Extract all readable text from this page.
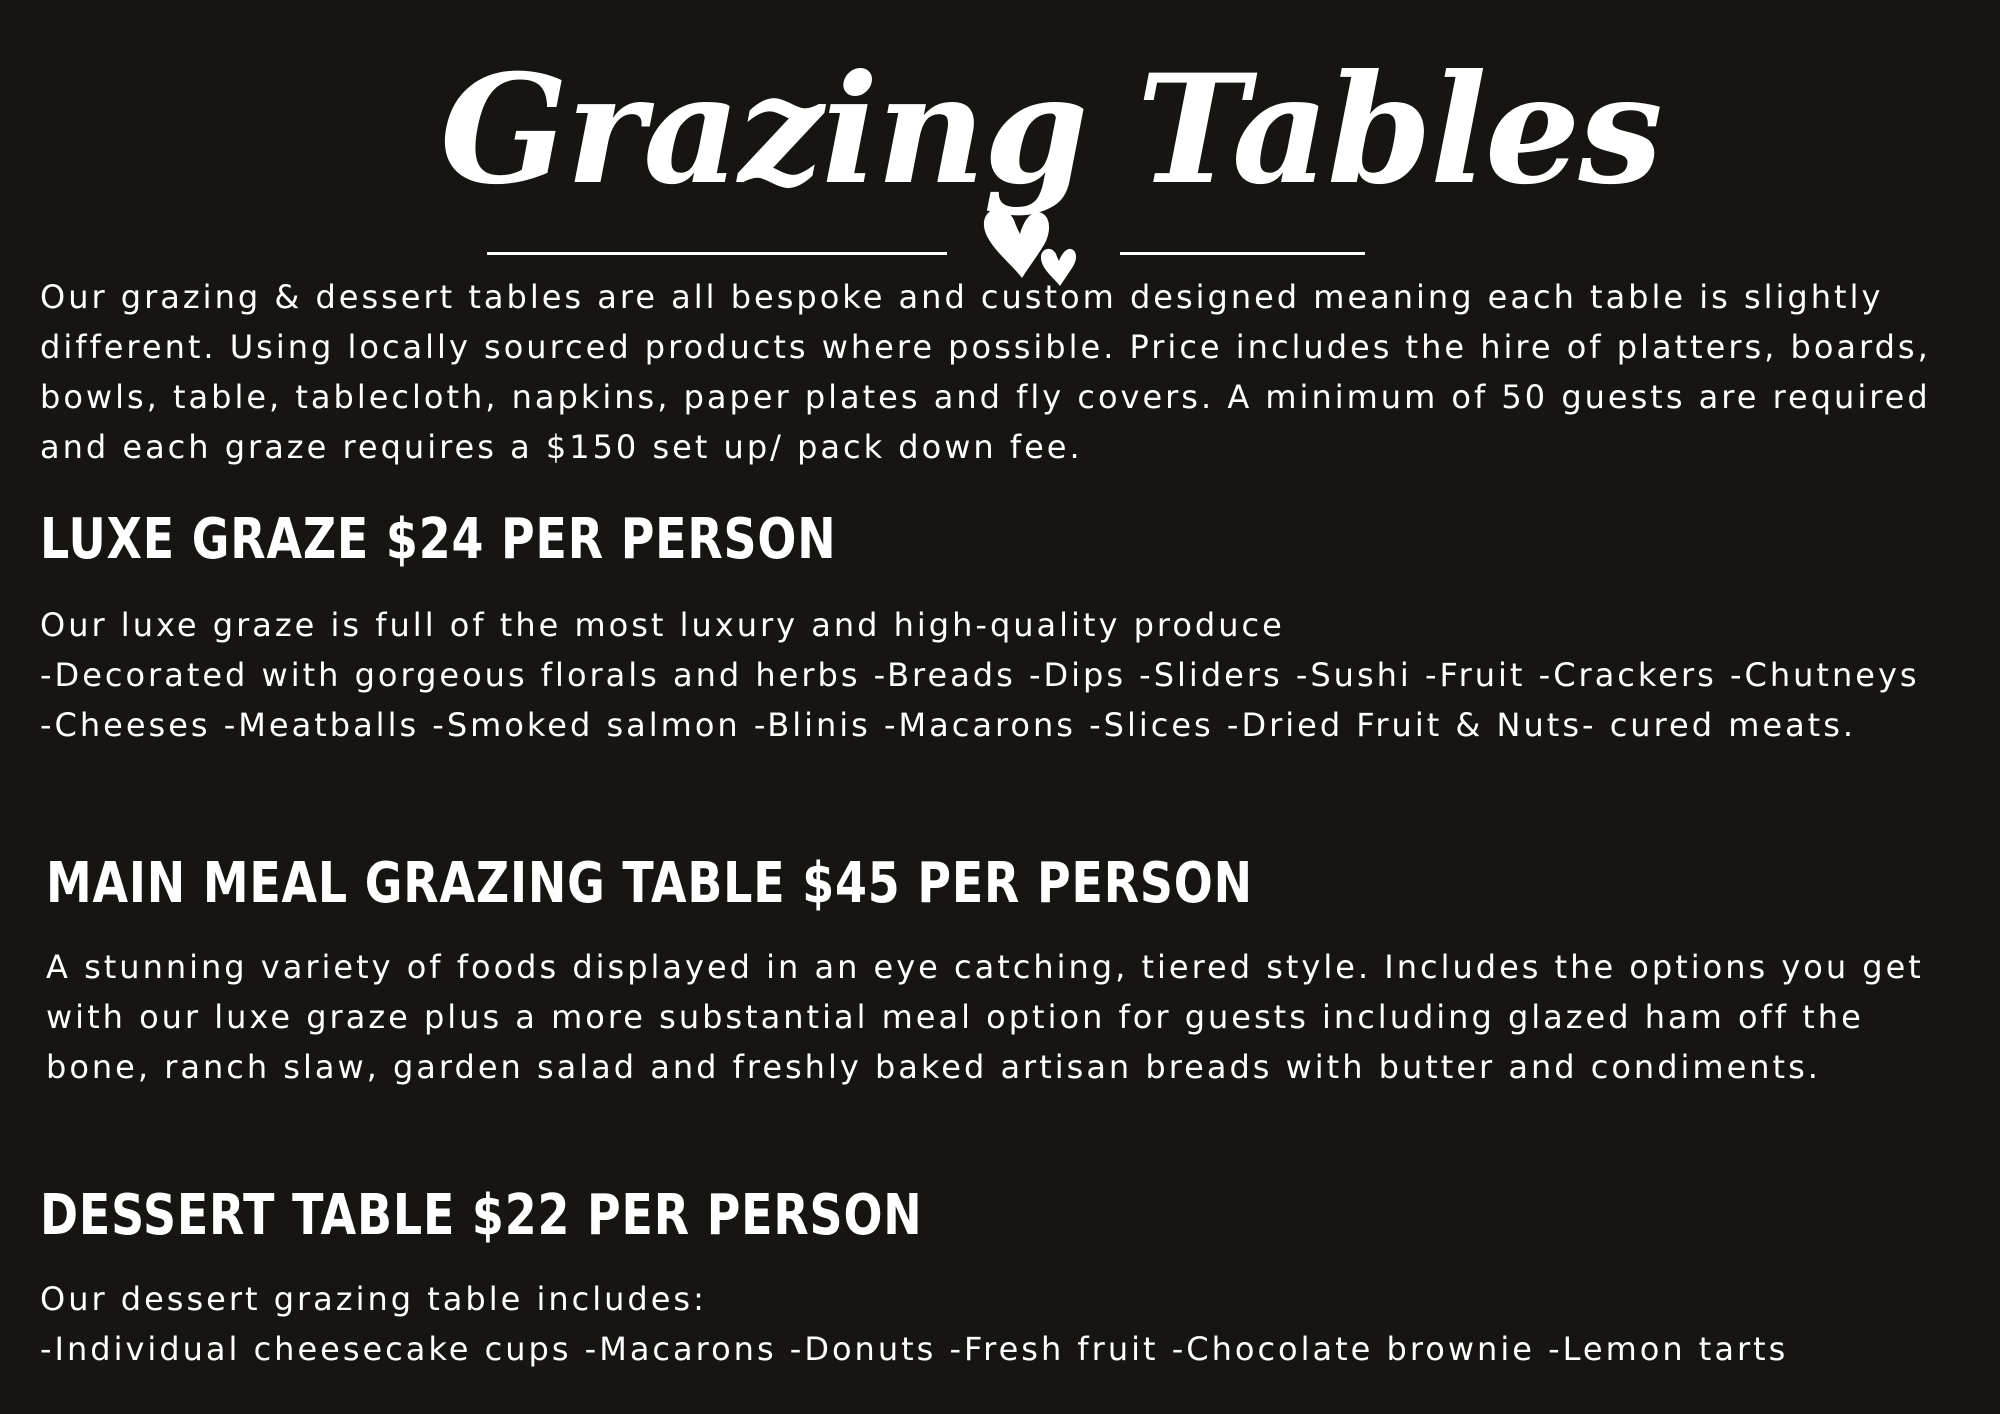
Grazing Tables
Our grazing & dessert tables are all bespoke and custom designed meaning each table is slightly
different. Using locally sourced products where possible. Price includes the hire of platters, boards,
bowls, table, tablecloth, napkins, paper plates and fly covers. A minimum of 50 guests are required
and each graze requires a $150 set up/ pack down fee.
LUXE GRAZE $24 PER PERSON
Our luxe graze is full of the most luxury and high-quality produce
-Decorated with gorgeous florals and herbs -Breads -Dips -Sliders -Sushi -Fruit -Crackers -Chutneys
-Cheeses -Meatballs -Smoked salmon -Blinis -Macarons -Slices -Dried Fruit & Nuts- cured meats.
MAIN MEAL GRAZING TABLE $45 PER PERSON
A stunning variety of foods displayed in an eye catching, tiered style. Includes the options you get
with our luxe graze plus a more substantial meal option for guests including glazed ham off the
bone, ranch slaw, garden salad and freshly baked artisan breads with butter and condiments.
DESSERT TABLE $22 PER PERSON
Our dessert grazing table includes:
-Individual cheesecake cups -Macarons -Donuts -Fresh fruit -Chocolate brownie -Lemon tarts
